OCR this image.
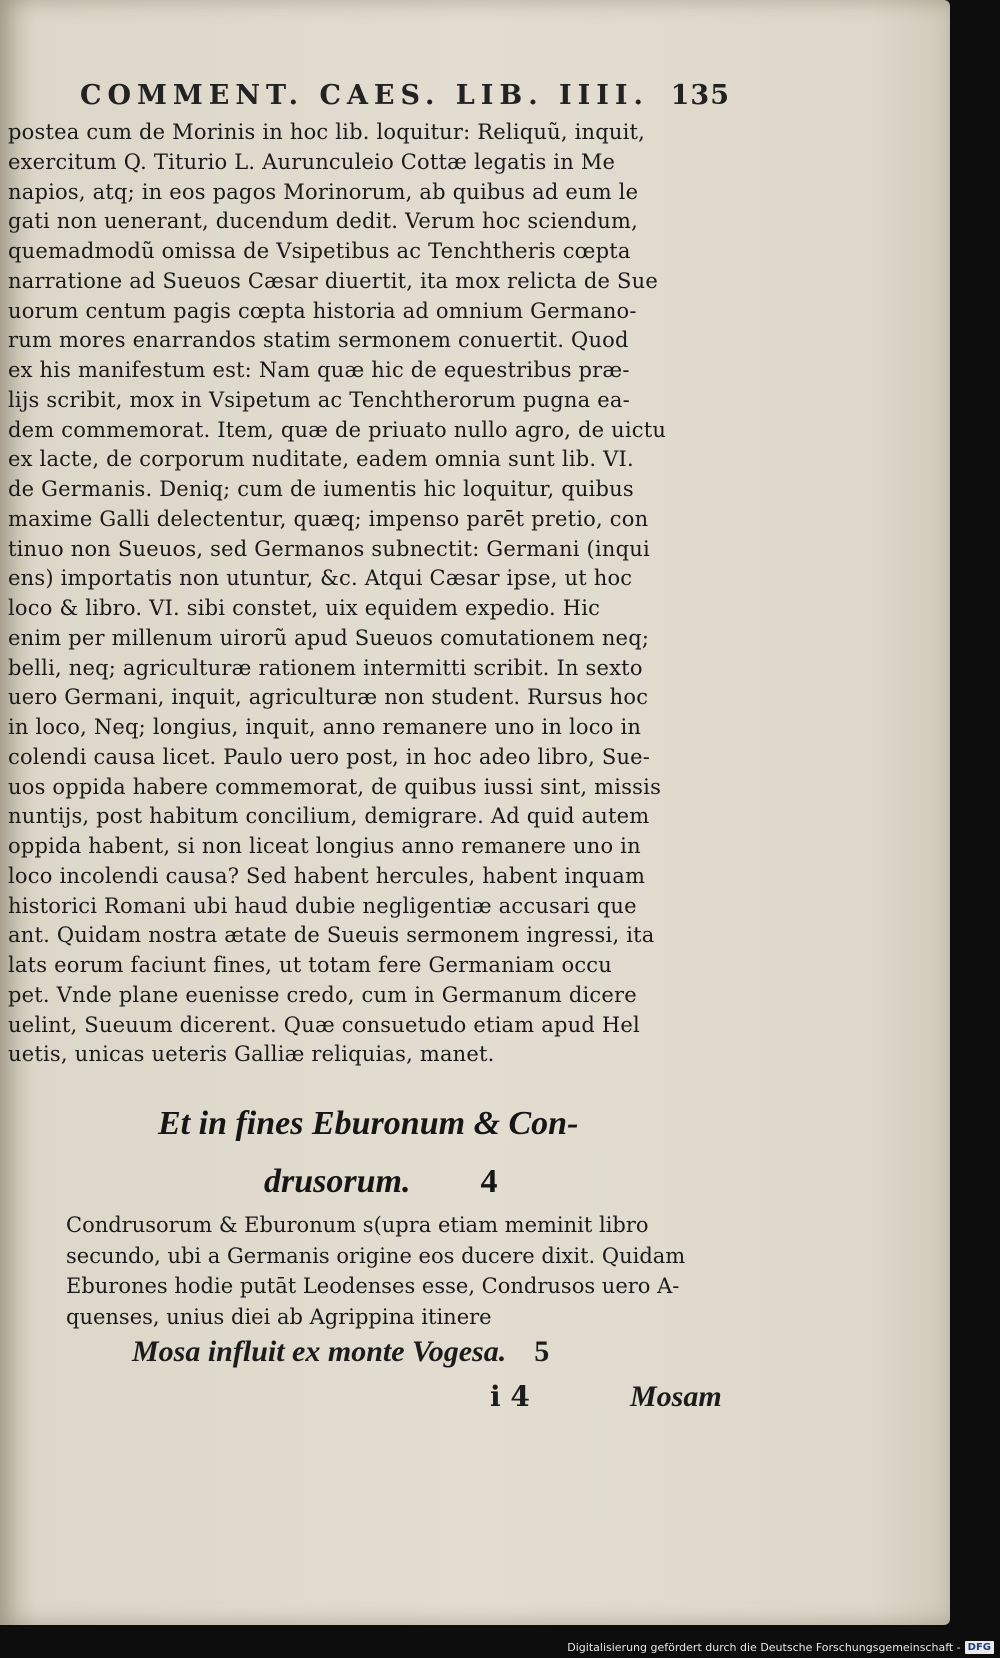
COMMENT. CAES. LIB. IIII. 135
postea cum de Morinis in hoc lib. loquitur: Reliquũ, inquit,
exercitum Q. Titurio L. Aurunculeio Cottæ legatis in Me
napios, atq; in eos pagos Morinorum, ab quibus ad eum le
gati non uenerant, ducendum dedit. Verum hoc sciendum,
quemadmodũ omissa de Vsipetibus ac Tenchtheris cœpta
narratione ad Sueuos Cæsar diuertit, ita mox relicta de Sue
uorum centum pagis cœpta historia ad omnium Germano-
rum mores enarrandos statim sermonem conuertit. Quod
ex his manifestum est: Nam quæ hic de equestribus præ-
lijs scribit, mox in Vsipetum ac Tenchtherorum pugna ea-
dem commemorat. Item, quæ de priuato nullo agro, de uictu
ex lacte, de corporum nuditate, eadem omnia sunt lib. VI.
de Germanis. Deniq; cum de iumentis hic loquitur, quibus
maxime Galli delectentur, quæq; impenso parēt pretio, con
tinuo non Sueuos, sed Germanos subnectit: Germani (inqui
ens) importatis non utuntur, &c. Atqui Cæsar ipse, ut hoc
loco & libro. VI. sibi constet, uix equidem expedio. Hic
enim per millenum uirorũ apud Sueuos comutationem neq;
belli, neq; agriculturæ rationem intermitti scribit. In sexto
uero Germani, inquit, agriculturæ non student. Rursus hoc
in loco, Neq; longius, inquit, anno remanere uno in loco in
colendi causa licet. Paulo uero post, in hoc adeo libro, Sue-
uos oppida habere commemorat, de quibus iussi sint, missis
nuntijs, post habitum concilium, demigrare. Ad quid autem
oppida habent, si non liceat longius anno remanere uno in
loco incolendi causa? Sed habent hercules, habent inquam
historici Romani ubi haud dubie negligentiæ accusari que
ant. Quidam nostra ætate de Sueuis sermonem ingressi, ita
lats eorum faciunt fines, ut totam fere Germaniam occu
pet. Vnde plane euenisse credo, cum in Germanum dicere
uelint, Sueuum dicerent. Quæ consuetudo etiam apud Hel
uetis, unicas ueteris Galliæ reliquias, manet.
Et in fines Eburonum & Con-
drusorum. 4
Condrusorum & Eburonum s(upra etiam meminit libro
secundo, ubi a Germanis origine eos ducere dixit. Quidam
Eburones hodie putāt Leodenses esse, Condrusos uero A-
quenses, unius diei ab Agrippina itinere
Mosa influit ex monte Vogesa. 5
i 4	Mosam
Digitalisierung gefördert durch die Deutsche Forschungsgemeinschaft - DFG
